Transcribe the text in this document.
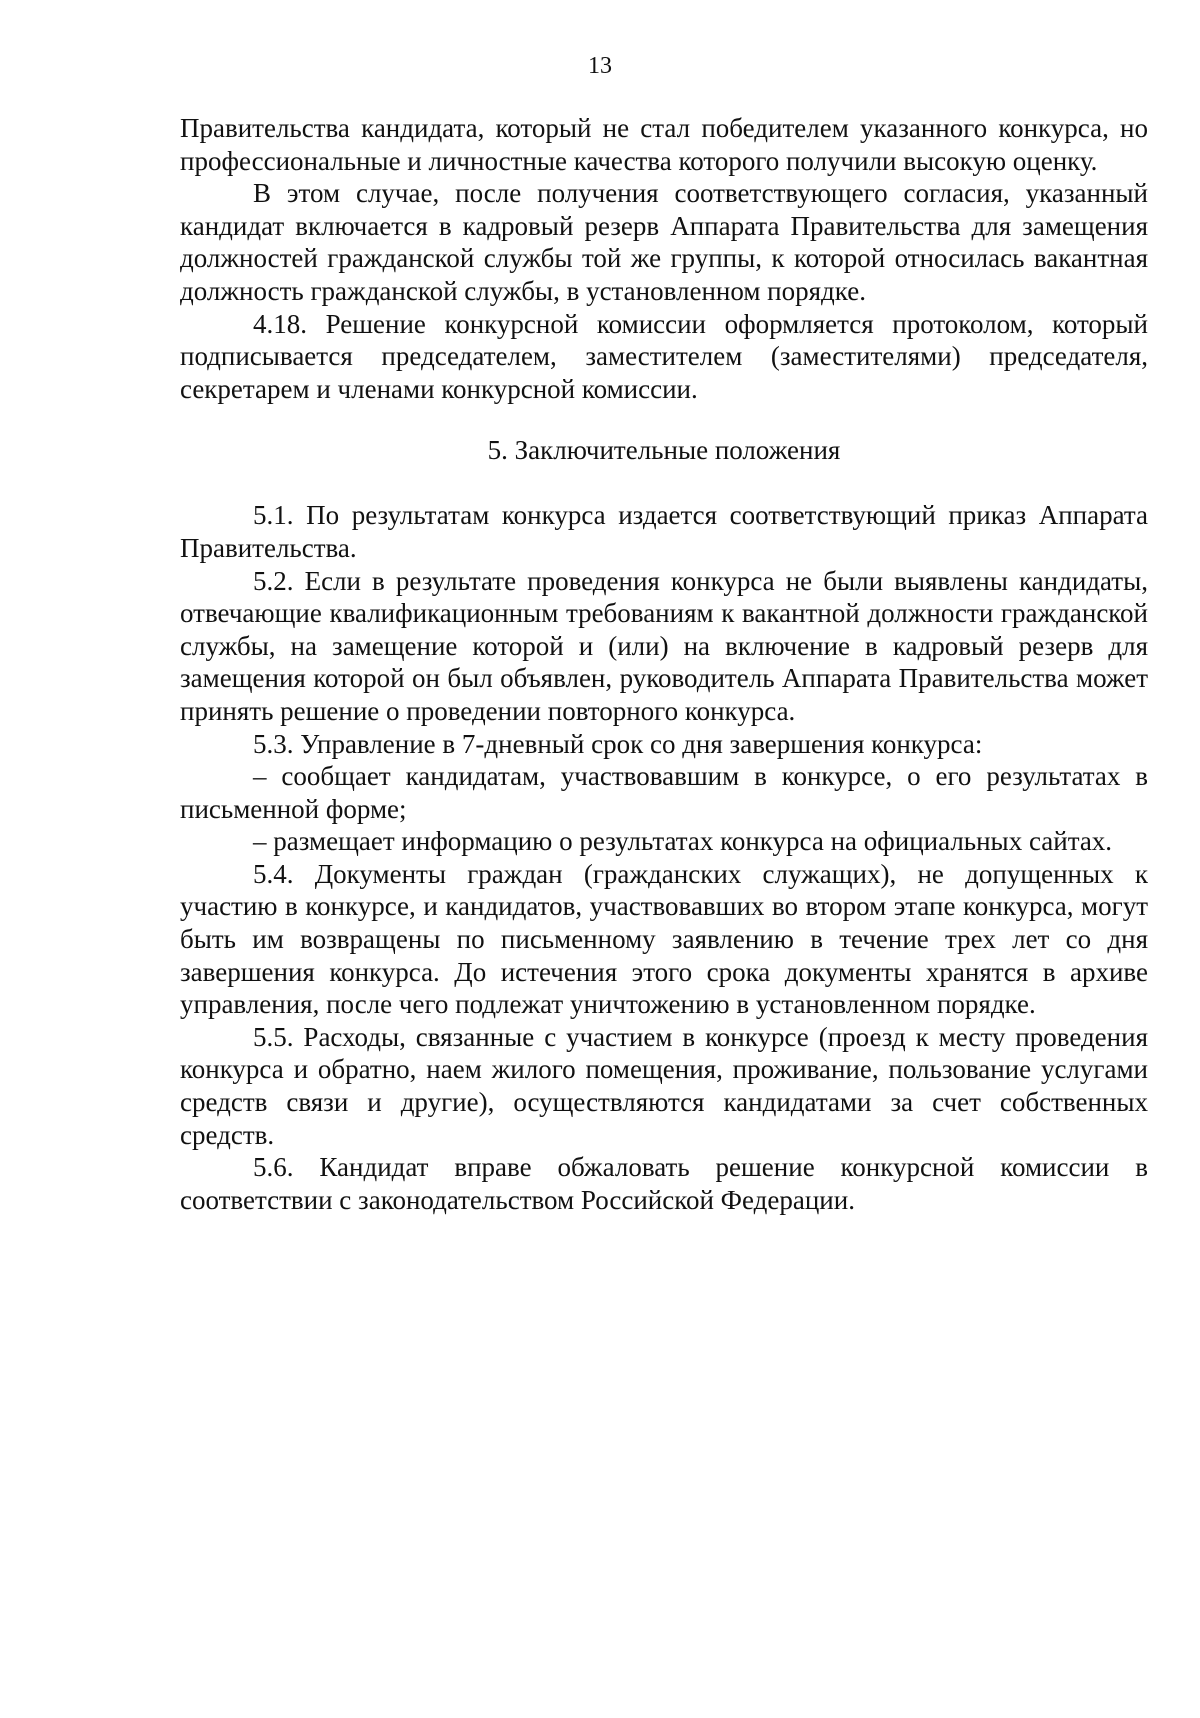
13

Правительства кандидата, который не стал победителем указанного конкурса, но профессиональные и личностные качества которого получили высокую оценку.

В этом случае, после получения соответствующего согласия, указанный кандидат включается в кадровый резерв Аппарата Правительства для замещения должностей гражданской службы той же группы, к которой относилась вакантная должность гражданской службы, в установленном порядке.

4.18. Решение конкурсной комиссии оформляется протоколом, который подписывается председателем, заместителем (заместителями) председателя, секретарем и членами конкурсной комиссии.

5. Заключительные положения

5.1. По результатам конкурса издается соответствующий приказ Аппарата Правительства.

5.2. Если в результате проведения конкурса не были выявлены кандидаты, отвечающие квалификационным требованиям к вакантной должности гражданской службы, на замещение которой и (или) на включение в кадровый резерв для замещения которой он был объявлен, руководитель Аппарата Правительства может принять решение о проведении повторного конкурса.

5.3. Управление в 7-дневный срок со дня завершения конкурса:

– сообщает кандидатам, участвовавшим в конкурсе, о его результатах в письменной форме;

– размещает информацию о результатах конкурса на официальных сайтах.

5.4. Документы граждан (гражданских служащих), не допущенных к участию в конкурсе, и кандидатов, участвовавших во втором этапе конкурса, могут быть им возвращены по письменному заявлению в течение трех лет со дня завершения конкурса. До истечения этого срока документы хранятся в архиве управления, после чего подлежат уничтожению в установленном порядке.

5.5. Расходы, связанные с участием в конкурсе (проезд к месту проведения конкурса и обратно, наем жилого помещения, проживание, пользование услугами средств связи и другие), осуществляются кандидатами за счет собственных средств.

5.6. Кандидат вправе обжаловать решение конкурсной комиссии в соответствии с законодательством Российской Федерации.
